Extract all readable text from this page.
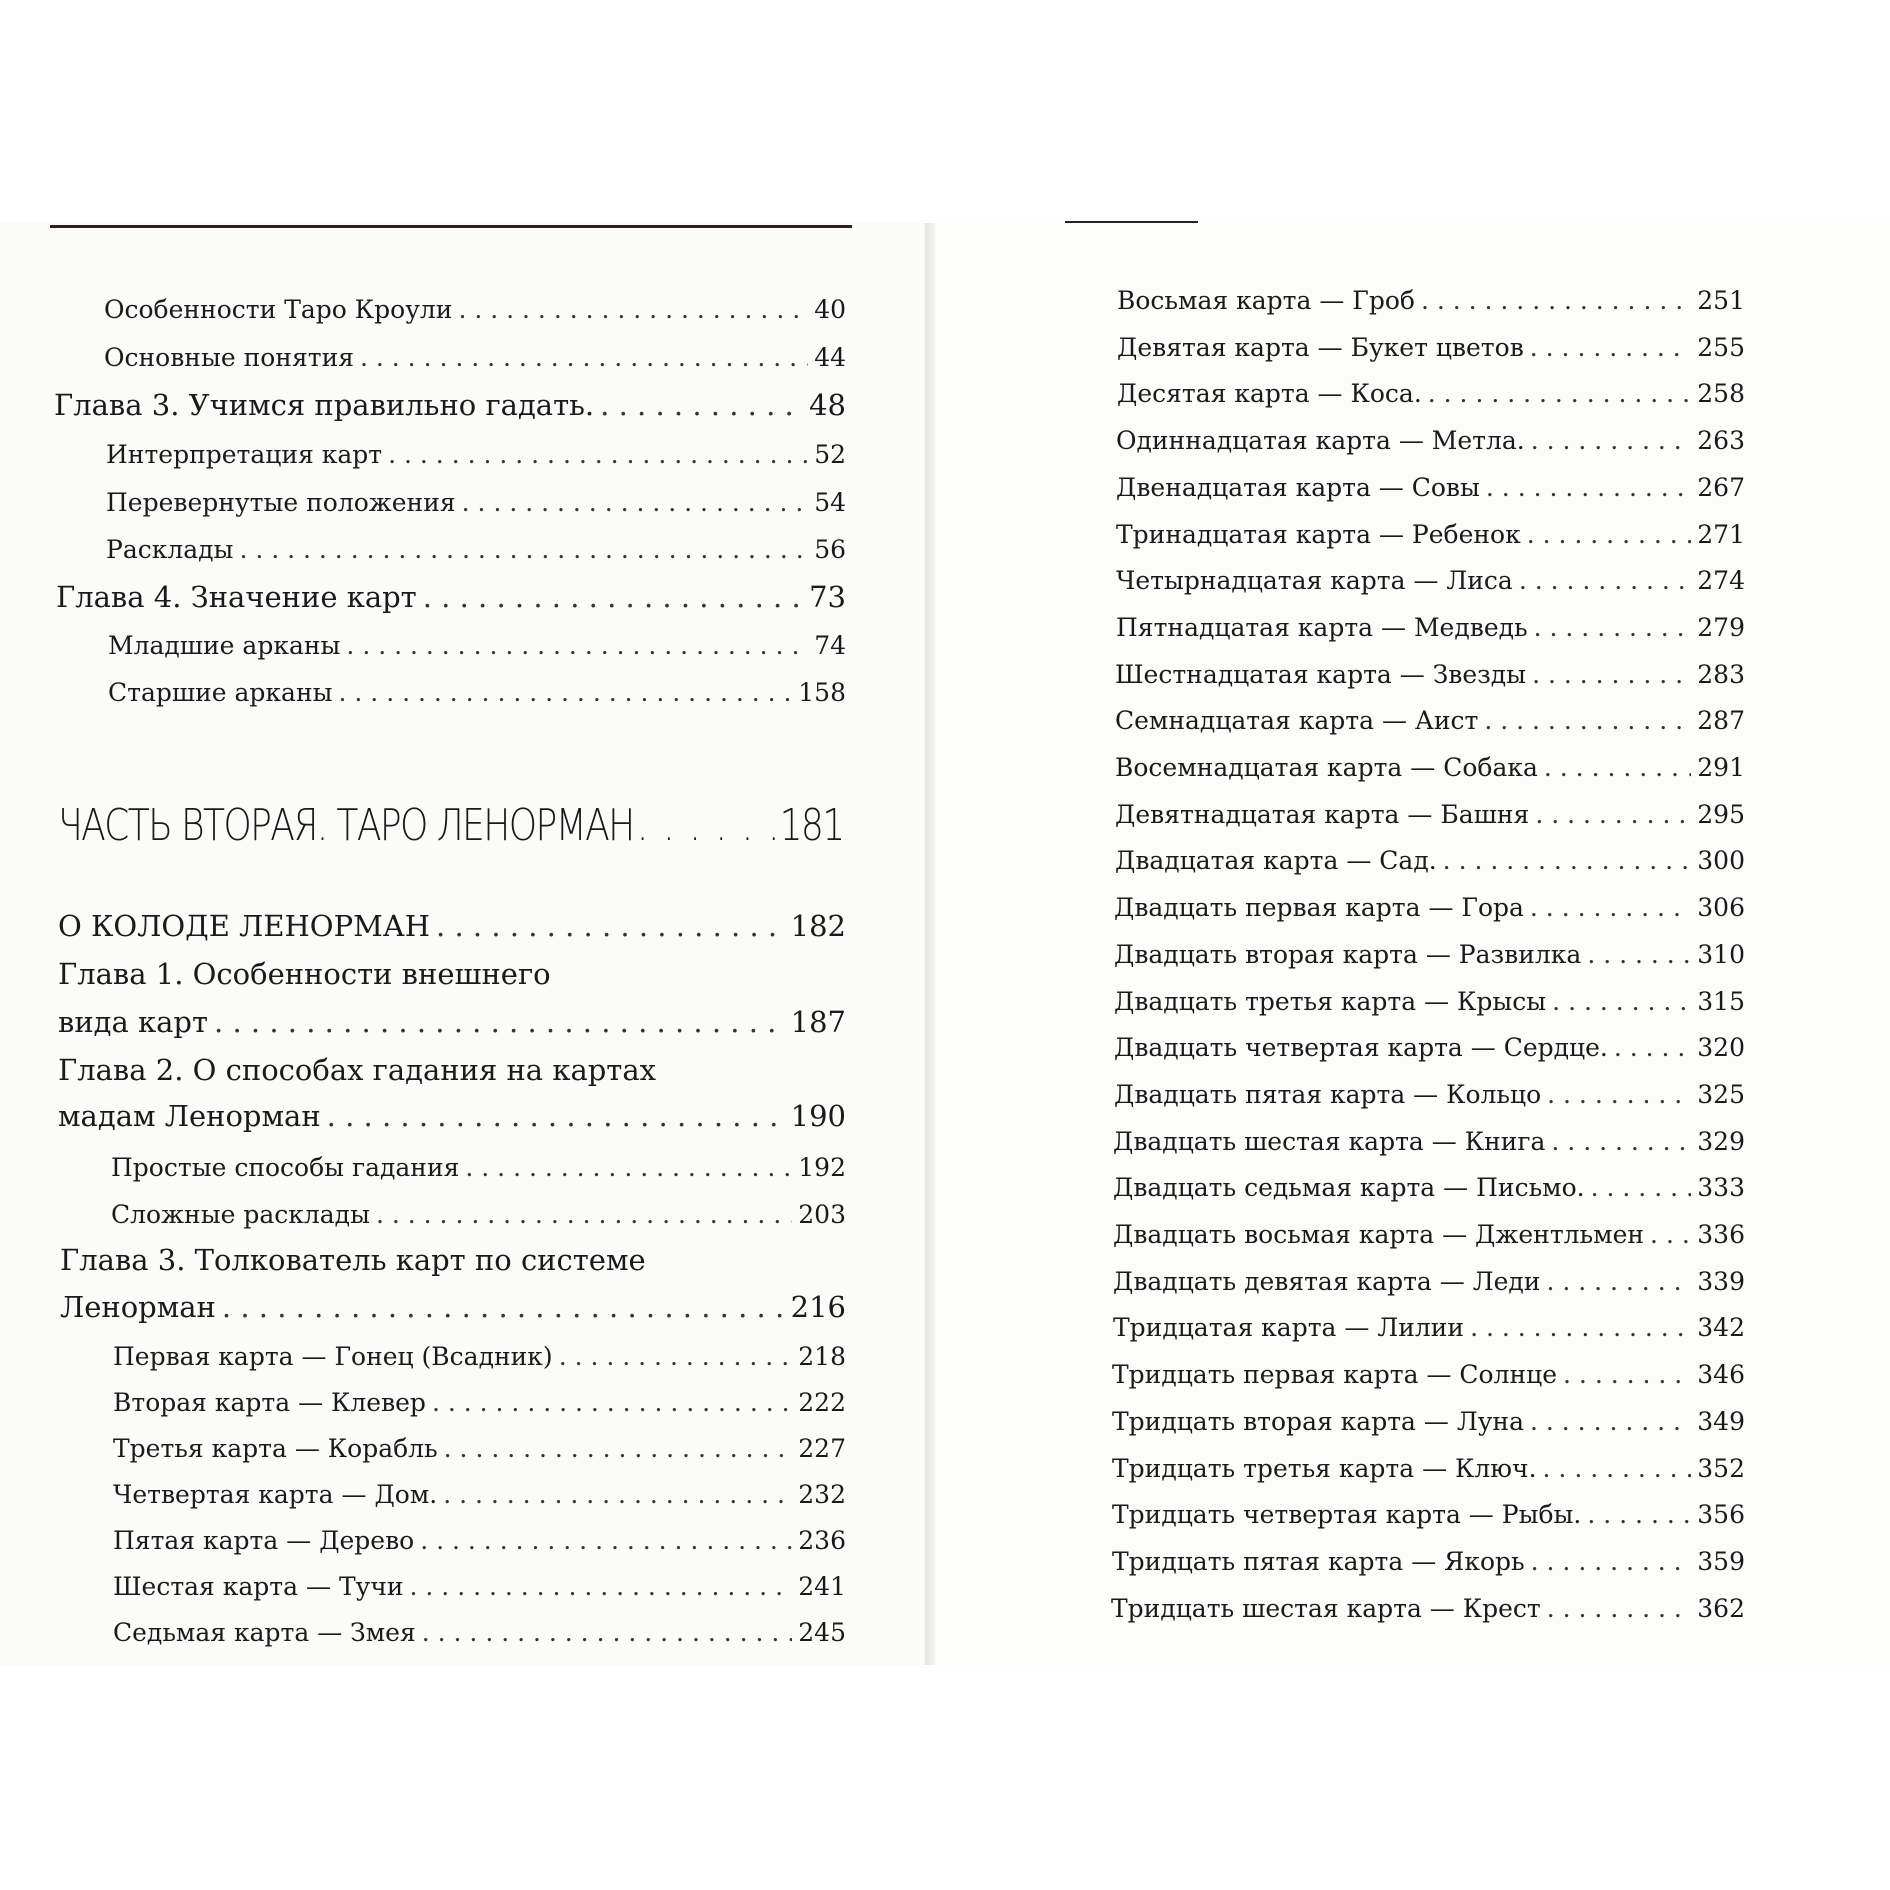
Особенности Таро Кроули . . .	40
Основные понятия . . .	44
Глава 3. Учимся правильно гадать. . . .	48
Интерпретация карт . . .	52
Перевернутые положения . . .	54
Расклады . . .	56
Глава 4. Значение карт . . .	73
Младшие арканы . . .	74
Старшие арканы . . .	158
ЧАСТЬ ВТОРАЯ. ТАРО ЛЕНОРМАН . . .	181
О КОЛОДЕ ЛЕНОРМАН . . .	182
Глава 1. Особенности внешнего
вида карт . . .	187
Глава 2. О способах гадания на картах
мадам Ленорман . . .	190
Простые способы гадания . . .	192
Сложные расклады . . .	203
Глава 3. Толкователь карт по системе
Ленорман . . .	216
Первая карта — Гонец (Всадник) . . .	218
Вторая карта — Клевер . . .	222
Третья карта — Корабль . . .	227
Четвертая карта — Дом. . . .	232
Пятая карта — Дерево . . .	236
Шестая карта — Тучи . . .	241
Седьмая карта — Змея . . .	245
Восьмая карта — Гроб . . .	251
Девятая карта — Букет цветов . . .	255
Десятая карта — Коса. . . .	258
Одиннадцатая карта — Метла. . . .	263
Двенадцатая карта — Совы . . .	267
Тринадцатая карта — Ребенок . . .	271
Четырнадцатая карта — Лиса . . .	274
Пятнадцатая карта — Медведь . . .	279
Шестнадцатая карта — Звезды . . .	283
Семнадцатая карта — Аист . . .	287
Восемнадцатая карта — Собака . . .	291
Девятнадцатая карта — Башня . . .	295
Двадцатая карта — Сад. . . .	300
Двадцать первая карта — Гора . . .	306
Двадцать вторая карта — Развилка . . .	310
Двадцать третья карта — Крысы . . .	315
Двадцать четвертая карта — Сердце. . . .	320
Двадцать пятая карта — Кольцо . . .	325
Двадцать шестая карта — Книга . . .	329
Двадцать седьмая карта — Письмо. . . .	333
Двадцать восьмая карта — Джентльмен . . . 336
Двадцать девятая карта — Леди . . .	339
Тридцатая карта — Лилии . . .	342
Тридцать первая карта — Солнце . . .	346
Тридцать вторая карта — Луна . . .	349
Тридцать третья карта — Ключ. . . .	352
Тридцать четвертая карта — Рыбы. . . .	356
Тридцать пятая карта — Якорь . . .	359
Тридцать шестая карта — Крест . . .	362
